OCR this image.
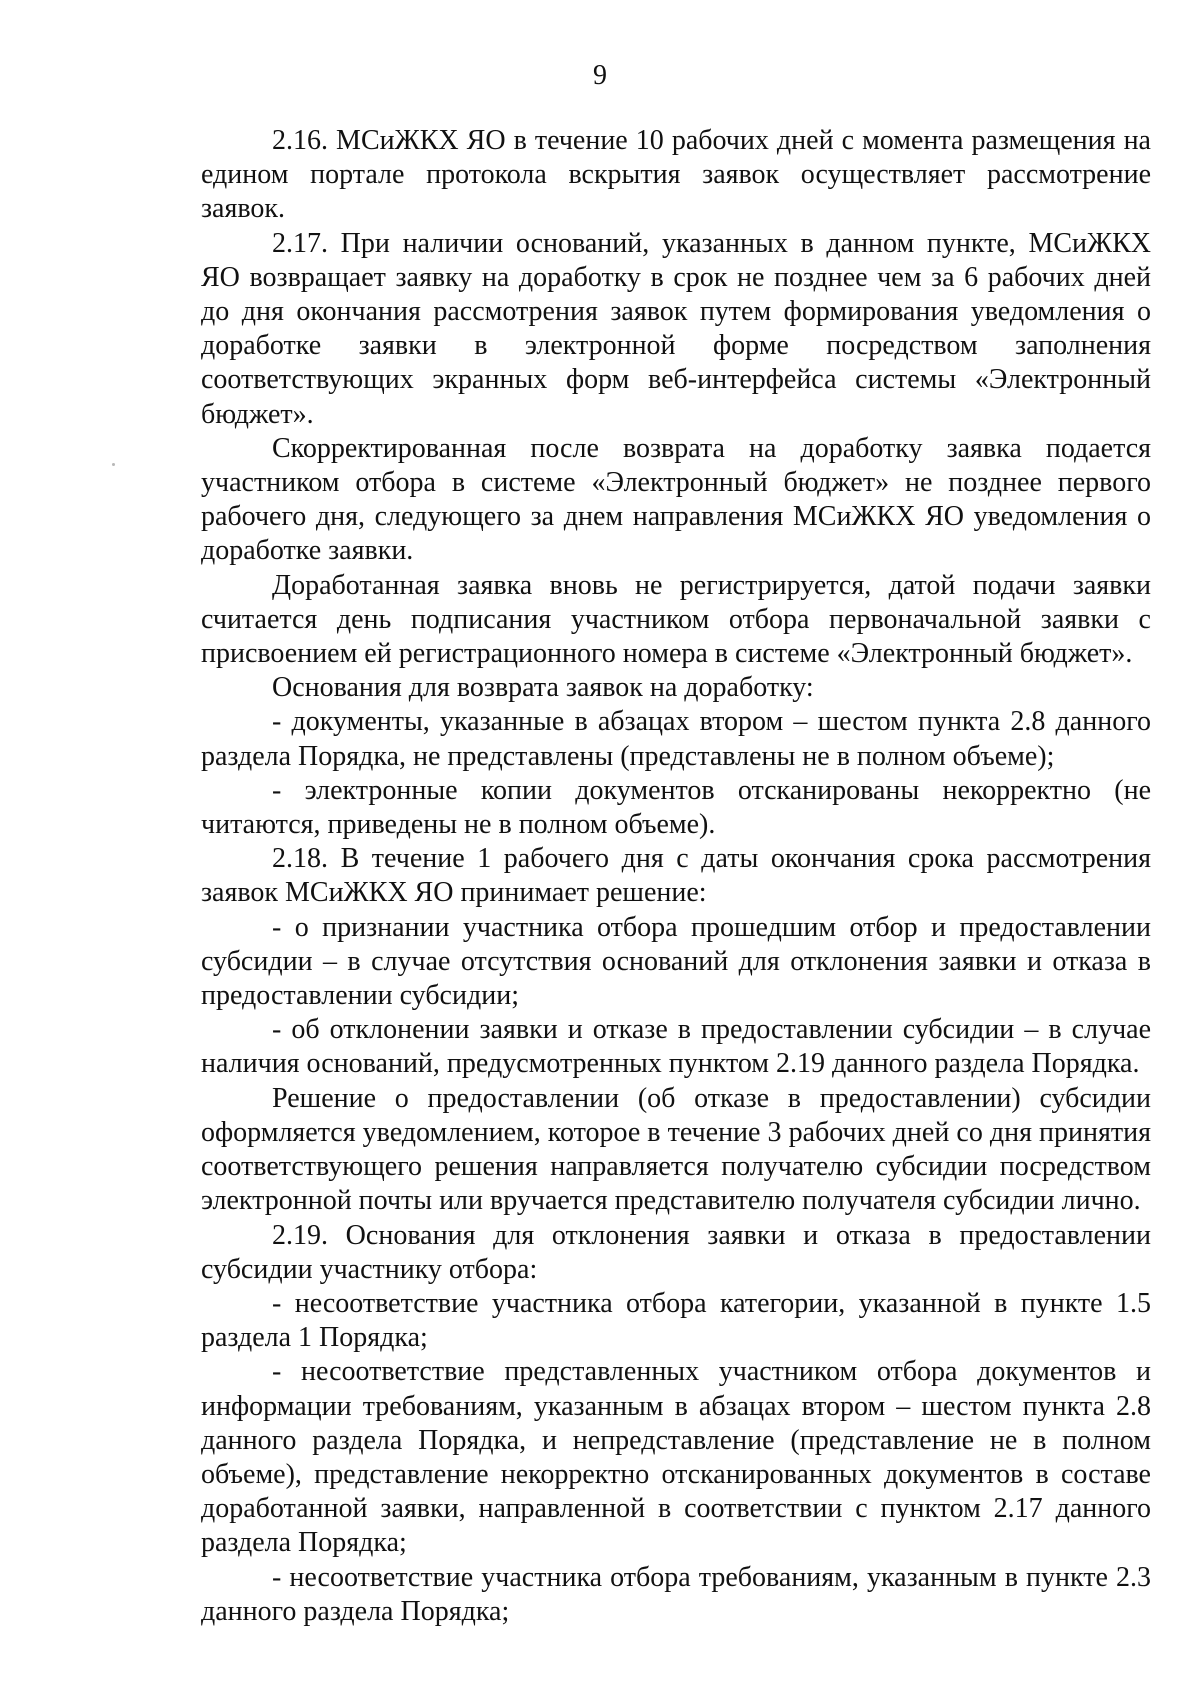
9

2.16. МСиЖКХ ЯО в течение 10 рабочих дней с момента размещения на едином портале протокола вскрытия заявок осуществляет рассмотрение заявок.

2.17. При наличии оснований, указанных в данном пункте, МСиЖКХ ЯО возвращает заявку на доработку в срок не позднее чем за 6 рабочих дней до дня окончания рассмотрения заявок путем формирования уведомления о доработке заявки в электронной форме посредством заполнения соответствующих экранных форм веб-интерфейса системы «Электронный бюджет».

Скорректированная после возврата на доработку заявка подается участником отбора в системе «Электронный бюджет» не позднее первого рабочего дня, следующего за днем направления МСиЖКХ ЯО уведомления о доработке заявки.

Доработанная заявка вновь не регистрируется, датой подачи заявки считается день подписания участником отбора первоначальной заявки с присвоением ей регистрационного номера в системе «Электронный бюджет».

Основания для возврата заявок на доработку:

- документы, указанные в абзацах втором – шестом пункта 2.8 данного раздела Порядка, не представлены (представлены не в полном объеме);

- электронные копии документов отсканированы некорректно (не читаются, приведены не в полном объеме).

2.18. В течение 1 рабочего дня с даты окончания срока рассмотрения заявок МСиЖКХ ЯО принимает решение:

- о признании участника отбора прошедшим отбор и предоставлении субсидии – в случае отсутствия оснований для отклонения заявки и отказа в предоставлении субсидии;

- об отклонении заявки и отказе в предоставлении субсидии – в случае наличия оснований, предусмотренных пунктом 2.19 данного раздела Порядка.

Решение о предоставлении (об отказе в предоставлении) субсидии оформляется уведомлением, которое в течение 3 рабочих дней со дня принятия соответствующего решения направляется получателю субсидии посредством электронной почты или вручается представителю получателя субсидии лично.

2.19. Основания для отклонения заявки и отказа в предоставлении субсидии участнику отбора:

- несоответствие участника отбора категории, указанной в пункте 1.5 раздела 1 Порядка;

- несоответствие представленных участником отбора документов и информации требованиям, указанным в абзацах втором – шестом пункта 2.8 данного раздела Порядка, и непредставление (представление не в полном объеме), представление некорректно отсканированных документов в составе доработанной заявки, направленной в соответствии с пунктом 2.17 данного раздела Порядка;

- несоответствие участника отбора требованиям, указанным в пункте 2.3 данного раздела Порядка;
